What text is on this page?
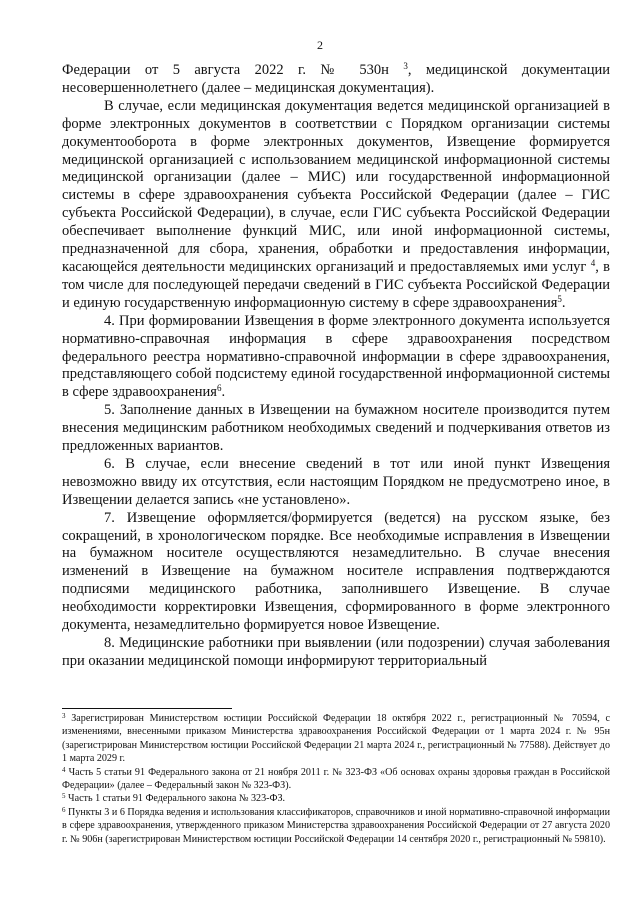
2

Федерации от 5 августа 2022 г. № 530н $^3$, медицинской документации несовершеннолетнего (далее – медицинская документация).

В случае, если медицинская документация ведется медицинской организацией в форме электронных документов в соответствии с Порядком организации системы документооборота в форме электронных документов, Извещение формируется медицинской организацией с использованием медицинской информационной системы медицинской организации (далее – МИС) или государственной информационной системы в сфере здравоохранения субъекта Российской Федерации (далее – ГИС субъекта Российской Федерации), в случае, если ГИС субъекта Российской Федерации обеспечивает выполнение функций МИС, или иной информационной системы, предназначенной для сбора, хранения, обработки и предоставления информации, касающейся деятельности медицинских организаций и предоставляемых ими услуг $^4$, в том числе для последующей передачи сведений в ГИС субъекта Российской Федерации и единую государственную информационную систему в сфере здравоохранения$^5$.

4. При формировании Извещения в форме электронного документа используется нормативно-справочная информация в сфере здравоохранения посредством федерального реестра нормативно-справочной информации в сфере здравоохранения, представляющего собой подсистему единой государственной информационной системы в сфере здравоохранения$^6$.

5. Заполнение данных в Извещении на бумажном носителе производится путем внесения медицинским работником необходимых сведений и подчеркивания ответов из предложенных вариантов.

6. В случае, если внесение сведений в тот или иной пункт Извещения невозможно ввиду их отсутствия, если настоящим Порядком не предусмотрено иное, в Извещении делается запись «не установлено».

7. Извещение оформляется/формируется (ведется) на русском языке, без сокращений, в хронологическом порядке. Все необходимые исправления в Извещении на бумажном носителе осуществляются незамедлительно. В случае внесения изменений в Извещение на бумажном носителе исправления подтверждаются подписями медицинского работника, заполнившего Извещение. В случае необходимости корректировки Извещения, сформированного в форме электронного документа, незамедлительно формируется новое Извещение.

8. Медицинские работники при выявлении (или подозрении) случая заболевания при оказании медицинской помощи информируют территориальный

$^3$ Зарегистрирован Министерством юстиции Российской Федерации 18 октября 2022 г., регистрационный № 70594, с изменениями, внесенными приказом Министерства здравоохранения Российской Федерации от 1 марта 2024 г. № 95н (зарегистрирован Министерством юстиции Российской Федерации 21 марта 2024 г., регистрационный № 77588). Действует до 1 марта 2029 г.

$^4$ Часть 5 статьи 91 Федерального закона от 21 ноября 2011 г. № 323-ФЗ «Об основах охраны здоровья граждан в Российской Федерации» (далее – Федеральный закон № 323-ФЗ).

$^5$ Часть 1 статьи 91 Федерального закона № 323-ФЗ.

$^6$ Пункты 3 и 6 Порядка ведения и использования классификаторов, справочников и иной нормативно-справочной информации в сфере здравоохранения, утвержденного приказом Министерства здравоохранения Российской Федерации от 27 августа 2020 г. № 906н (зарегистрирован Министерством юстиции Российской Федерации 14 сентября 2020 г., регистрационный № 59810).
